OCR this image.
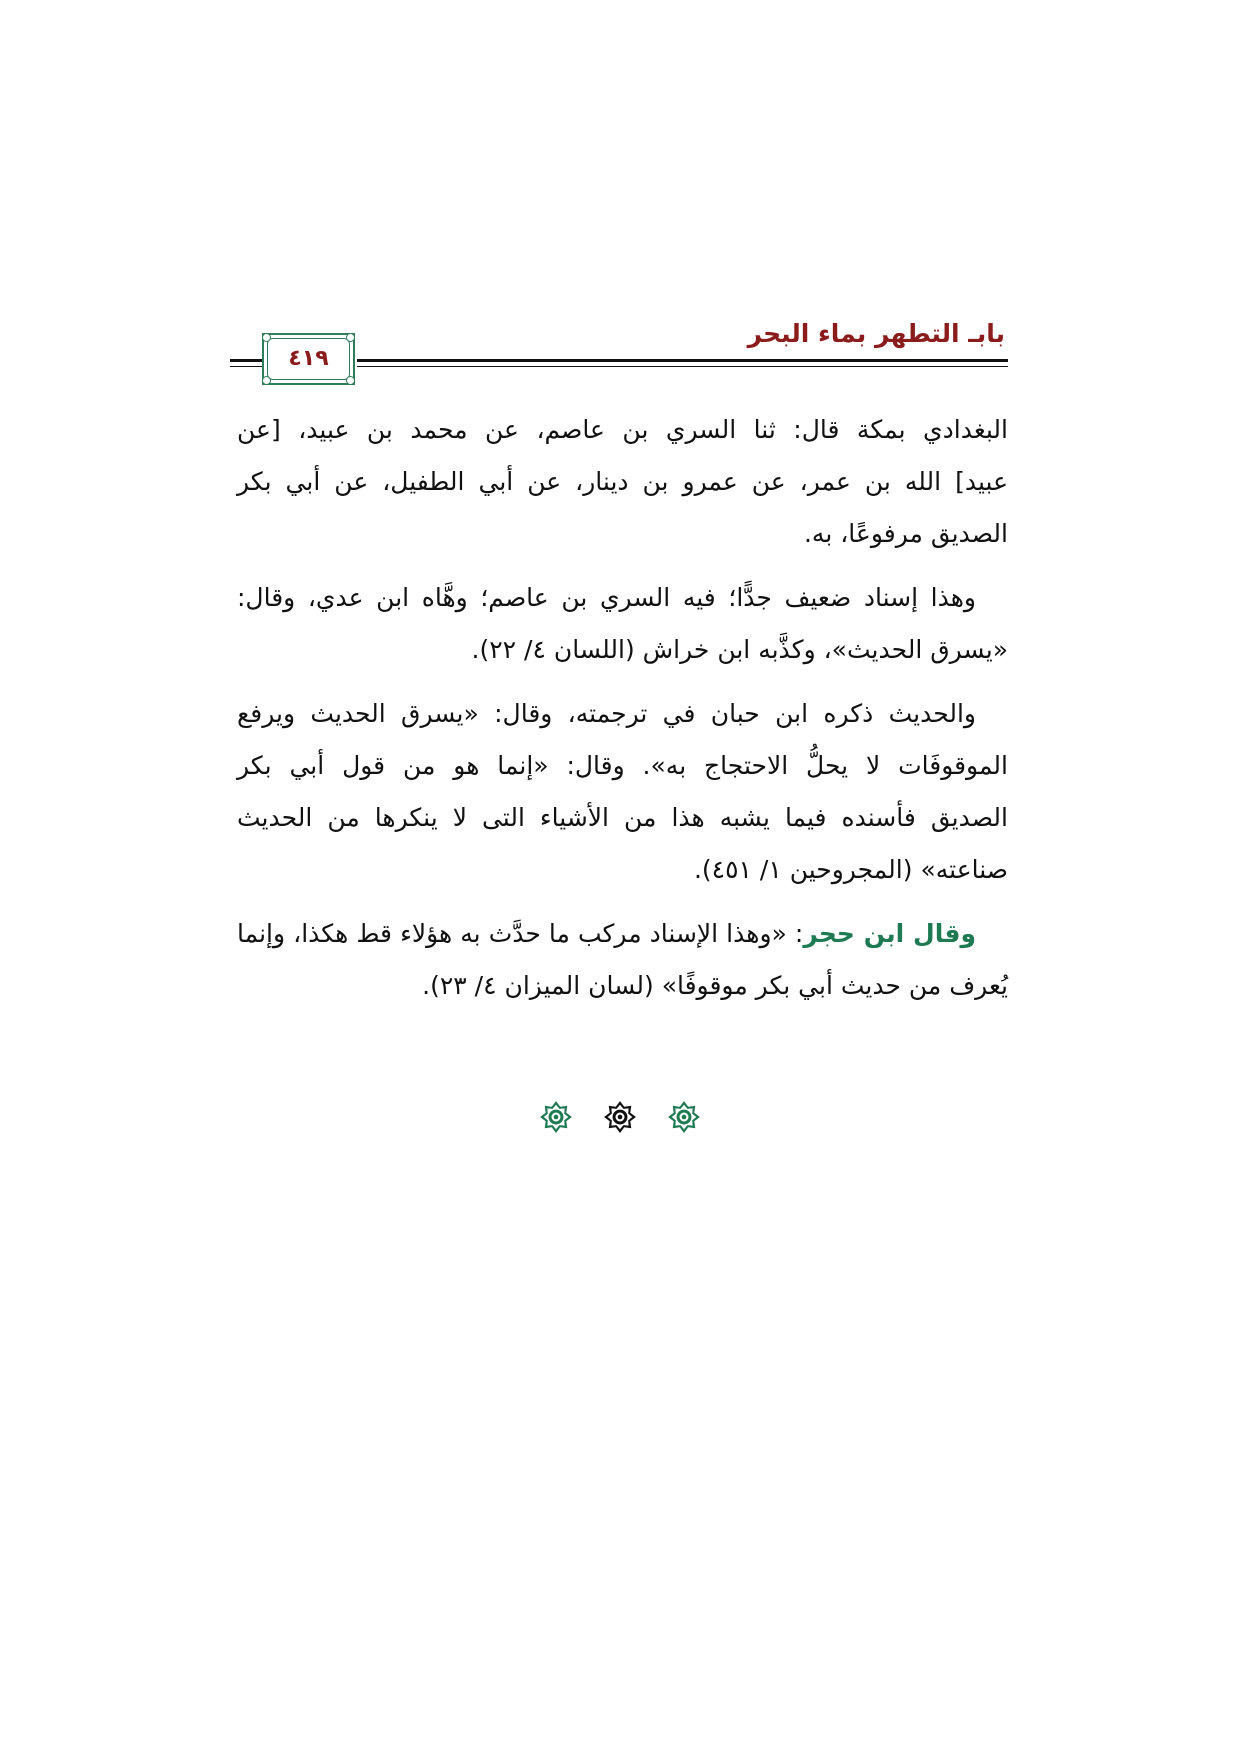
بابـ التطهر بماء البحر
٤١٩
البغدادي بمكة قال: ثنا السري بن عاصم، عن محمد بن عبيد، [عن
عبيد] الله بن عمر، عن عمرو بن دينار، عن أبي الطفيل، عن أبي بكر
الصديق مرفوعًا، به.
وهذا إسناد ضعيف جدًّا؛ فيه السري بن عاصم؛ وهَّاه ابن عدي، وقال:
«يسرق الحديث»، وكذَّبه ابن خراش (اللسان ٤/ ٢٢).
والحديث ذكره ابن حبان في ترجمته، وقال: «يسرق الحديث ويرفع
الموقوفَات لا يحلُّ الاحتجاج به». وقال: «إنما هو من قول أبي بكر
الصديق فأسنده فيما يشبه هذا من الأشياء التى لا ينكرها من الحديث
صناعته» (المجروحين ١/ ٤٥١).
وقال ابن حجر: «وهذا الإسناد مركب ما حدَّث به هؤلاء قط هكذا، وإنما
يُعرف من حديث أبي بكر موقوفًا» (لسان الميزان ٤/ ٢٣).
